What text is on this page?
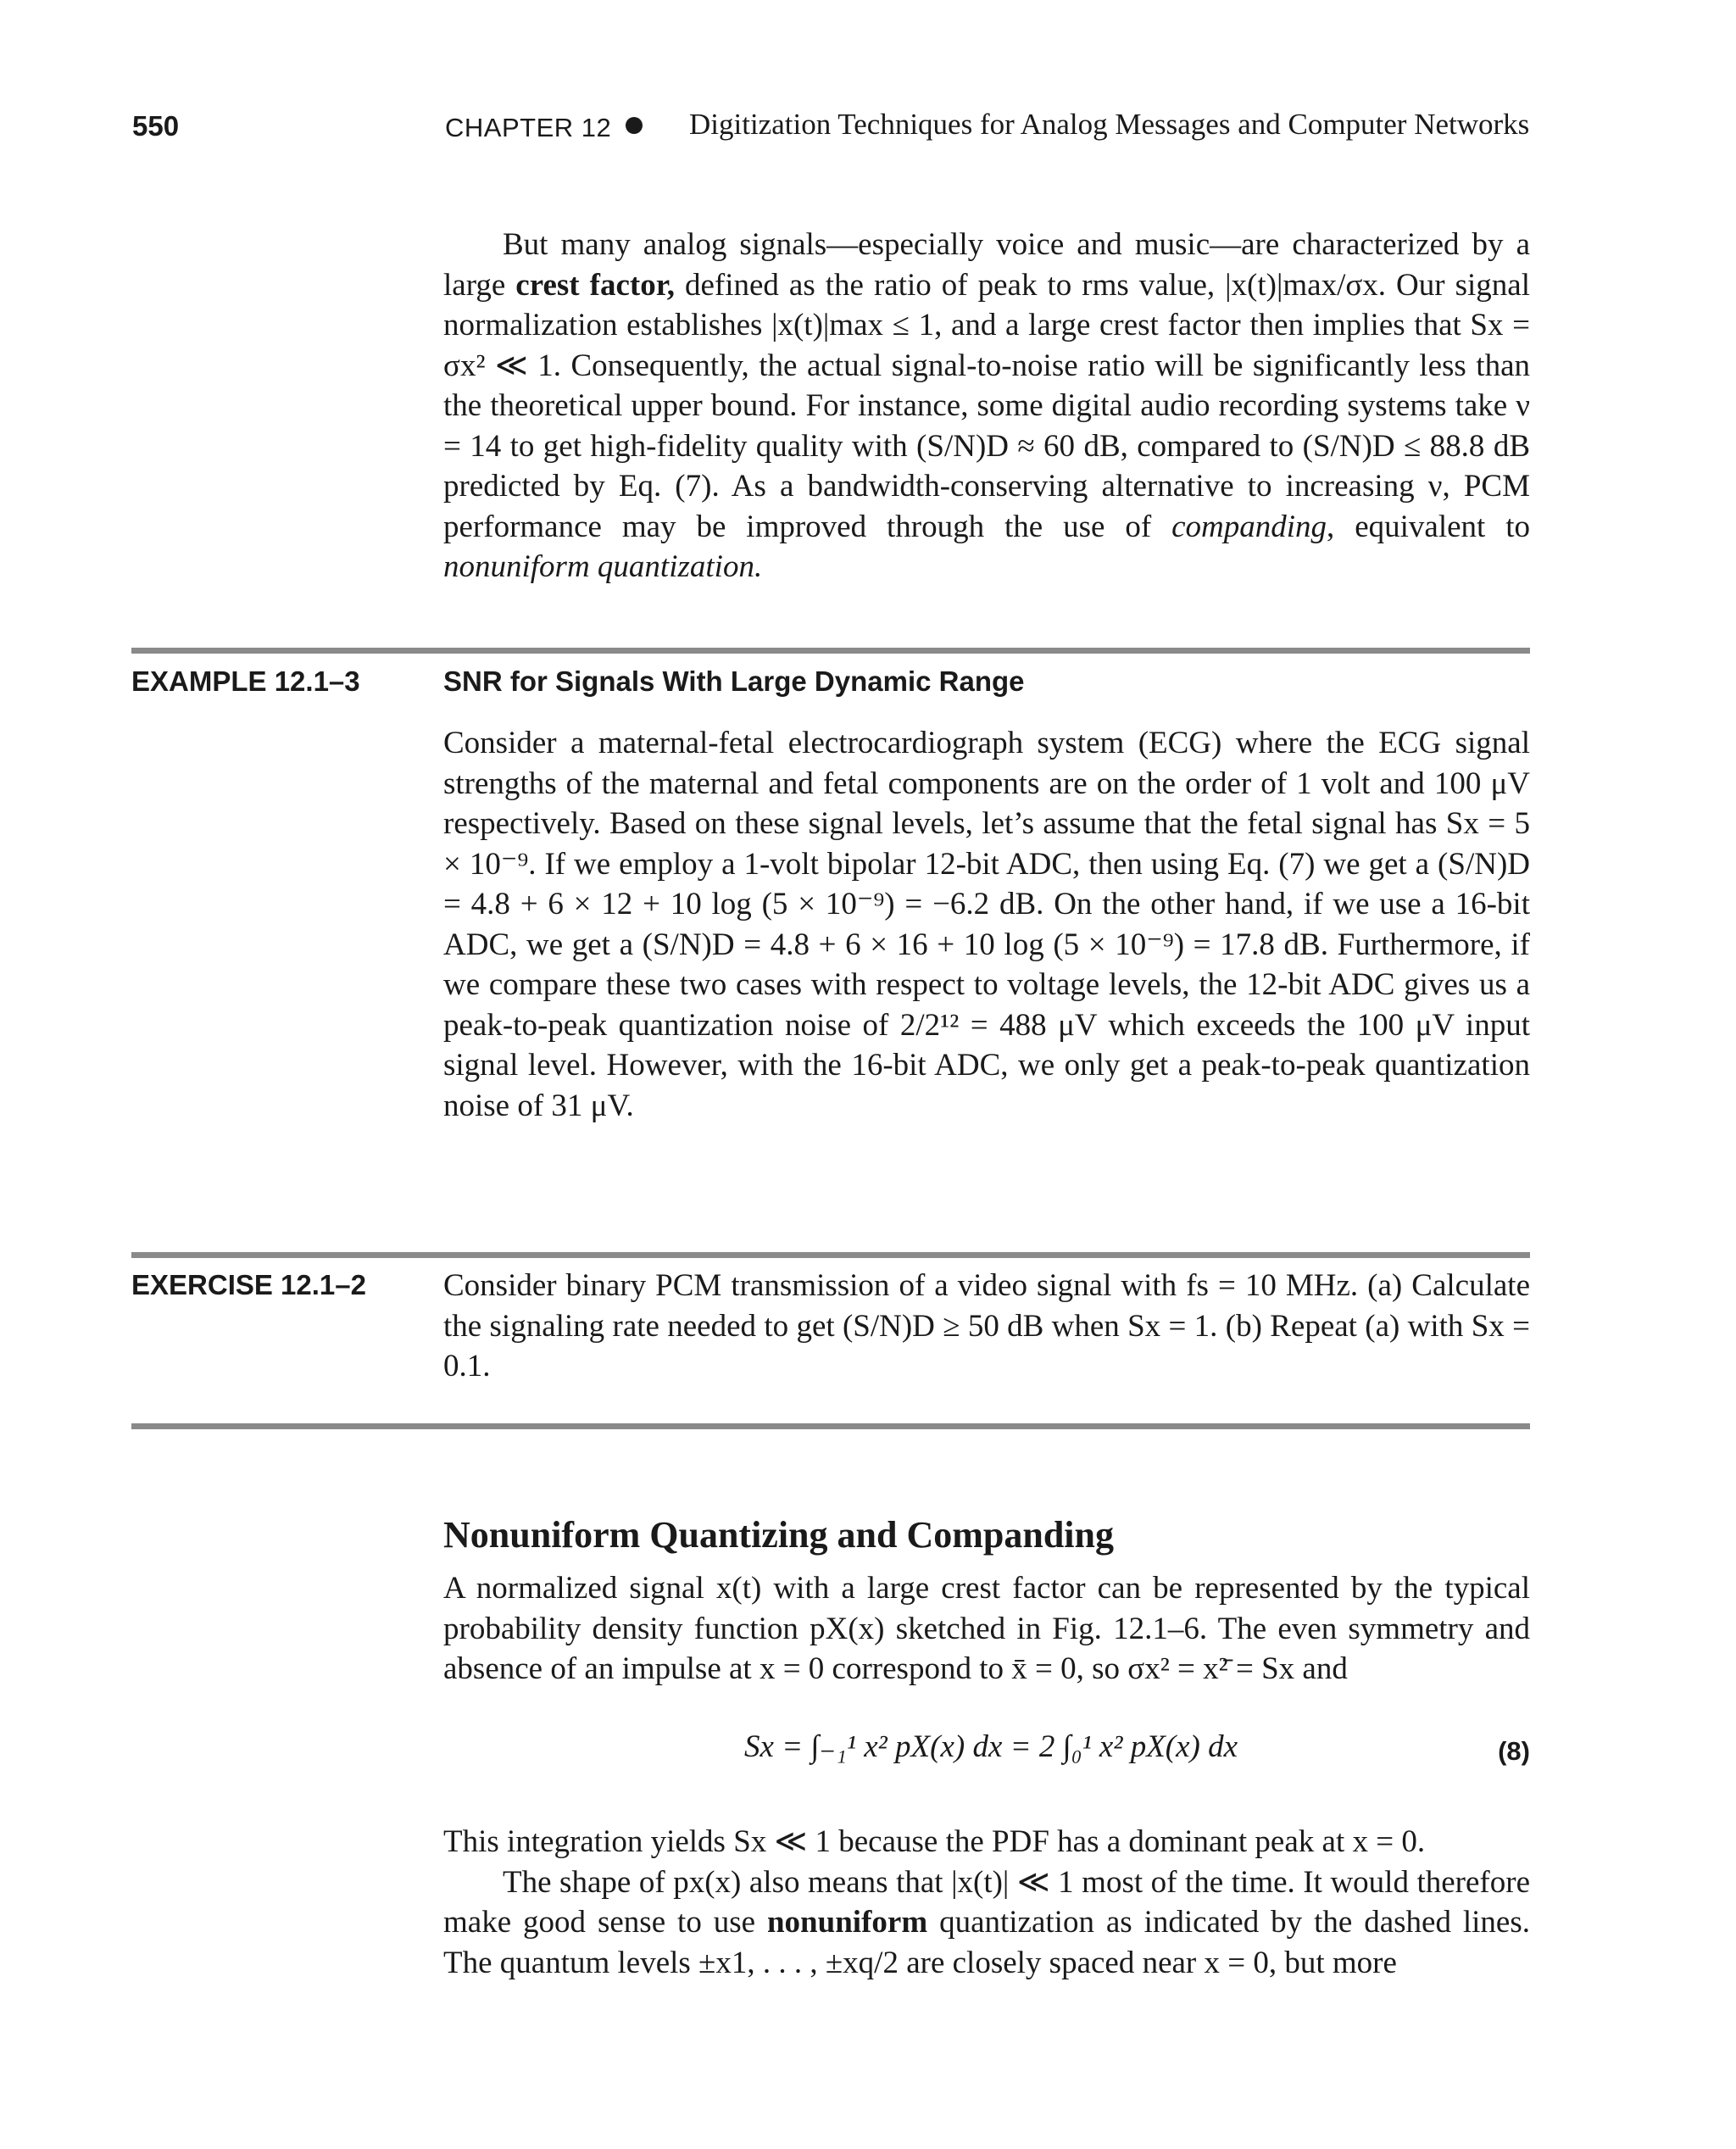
550	CHAPTER 12	Digitization Techniques for Analog Messages and Computer Networks

But many analog signals—especially voice and music—are characterized by a large crest factor, defined as the ratio of peak to rms value, |x(t)|max/σx. Our signal normalization establishes |x(t)|max ≤ 1, and a large crest factor then implies that Sx = σx² ≪ 1. Consequently, the actual signal-to-noise ratio will be significantly less than the theoretical upper bound. For instance, some digital audio recording systems take ν = 14 to get high-fidelity quality with (S/N)D ≈ 60 dB, compared to (S/N)D ≤ 88.8 dB predicted by Eq. (7). As a bandwidth-conserving alternative to increasing ν, PCM performance may be improved through the use of companding, equivalent to nonuniform quantization.

EXAMPLE 12.1–3	SNR for Signals With Large Dynamic Range

Consider a maternal-fetal electrocardiograph system (ECG) where the ECG signal strengths of the maternal and fetal components are on the order of 1 volt and 100 μV respectively. Based on these signal levels, let’s assume that the fetal signal has Sx = 5 × 10⁻⁹. If we employ a 1-volt bipolar 12-bit ADC, then using Eq. (7) we get a (S/N)D = 4.8 + 6 × 12 + 10 log (5 × 10⁻⁹) = −6.2 dB. On the other hand, if we use a 16-bit ADC, we get a (S/N)D = 4.8 + 6 × 16 + 10 log (5 × 10⁻⁹) = 17.8 dB. Furthermore, if we compare these two cases with respect to voltage levels, the 12-bit ADC gives us a peak-to-peak quantization noise of 2/2¹² = 488 μV which exceeds the 100 μV input signal level. However, with the 16-bit ADC, we only get a peak-to-peak quantization noise of 31 μV.

EXERCISE 12.1–2 Consider binary PCM transmission of a video signal with fs = 10 MHz. (a) Calculate the signaling rate needed to get (S/N)D ≥ 50 dB when Sx = 1. (b) Repeat (a) with Sx = 0.1.

Nonuniform Quantizing and Companding

A normalized signal x(t) with a large crest factor can be represented by the typical probability density function pX(x) sketched in Fig. 12.1–6. The even symmetry and absence of an impulse at x = 0 correspond to x̄ = 0, so σx² = x²̄ = Sx and

Sx = ∫₋₁¹ x² pX(x) dx = 2 ∫₀¹ x² pX(x) dx	(8)

This integration yields Sx ≪ 1 because the PDF has a dominant peak at x = 0.

The shape of px(x) also means that |x(t)| ≪ 1 most of the time. It would therefore make good sense to use nonuniform quantization as indicated by the dashed lines. The quantum levels ±x1, . . . , ±xq/2 are closely spaced near x = 0, but more
